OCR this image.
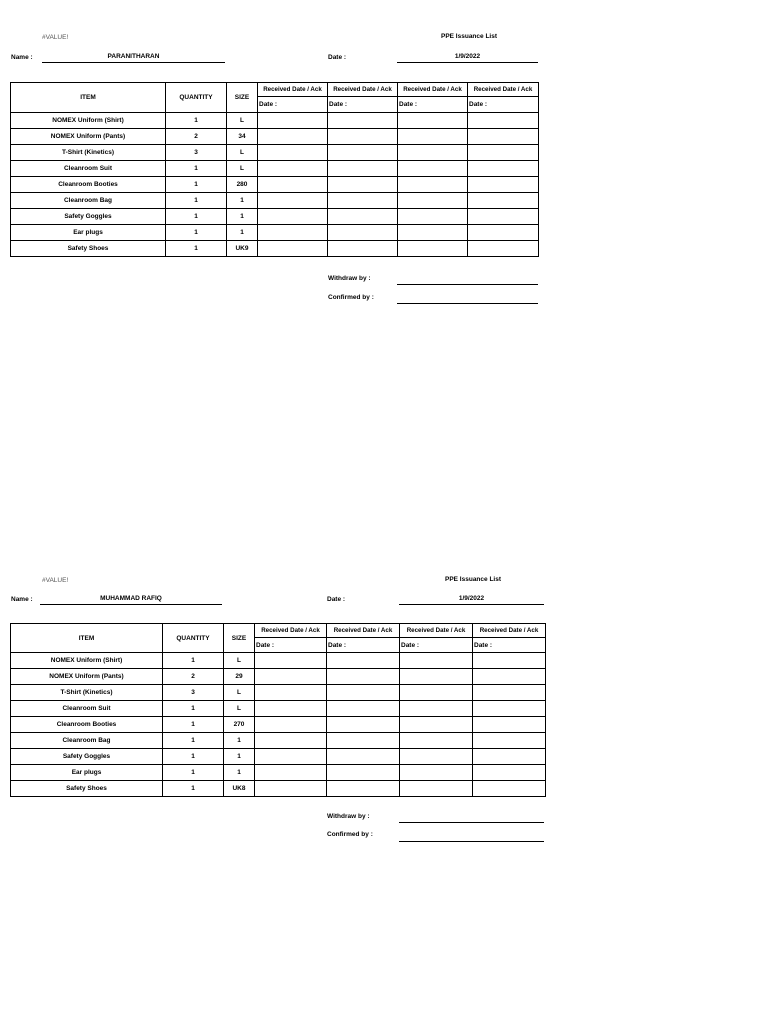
#VALUE!	PPE Issuance List
Name :	PARANITHARAN	Date :	1/9/2022
ITEM	QUANTITY	SIZE	Received Date / Ack	Received Date / Ack	Received Date / Ack	Received Date / Ack
			Date :	Date :	Date :	Date :
NOMEX Uniform (Shirt)	1	L				
NOMEX Uniform (Pants)	2	34				
T-Shirt (Kinetics)	3	L				
Cleanroom Suit	1	L				
Cleanroom Booties	1	280				
Cleanroom Bag	1	1				
Safety Goggles	1	1				
Ear plugs	1	1				
Safety Shoes	1	UK9				
Withdraw by :
Confirmed by :
#VALUE!	PPE Issuance List
Name :	MUHAMMAD RAFIQ	Date :	1/9/2022
ITEM	QUANTITY	SIZE	Received Date / Ack	Received Date / Ack	Received Date / Ack	Received Date / Ack
			Date :	Date :	Date :	Date :
NOMEX Uniform (Shirt)	1	L				
NOMEX Uniform (Pants)	2	29				
T-Shirt (Kinetics)	3	L				
Cleanroom Suit	1	L				
Cleanroom Booties	1	270				
Cleanroom Bag	1	1				
Safety Goggles	1	1				
Ear plugs	1	1				
Safety Shoes	1	UK8				
Withdraw by :
Confirmed by :
